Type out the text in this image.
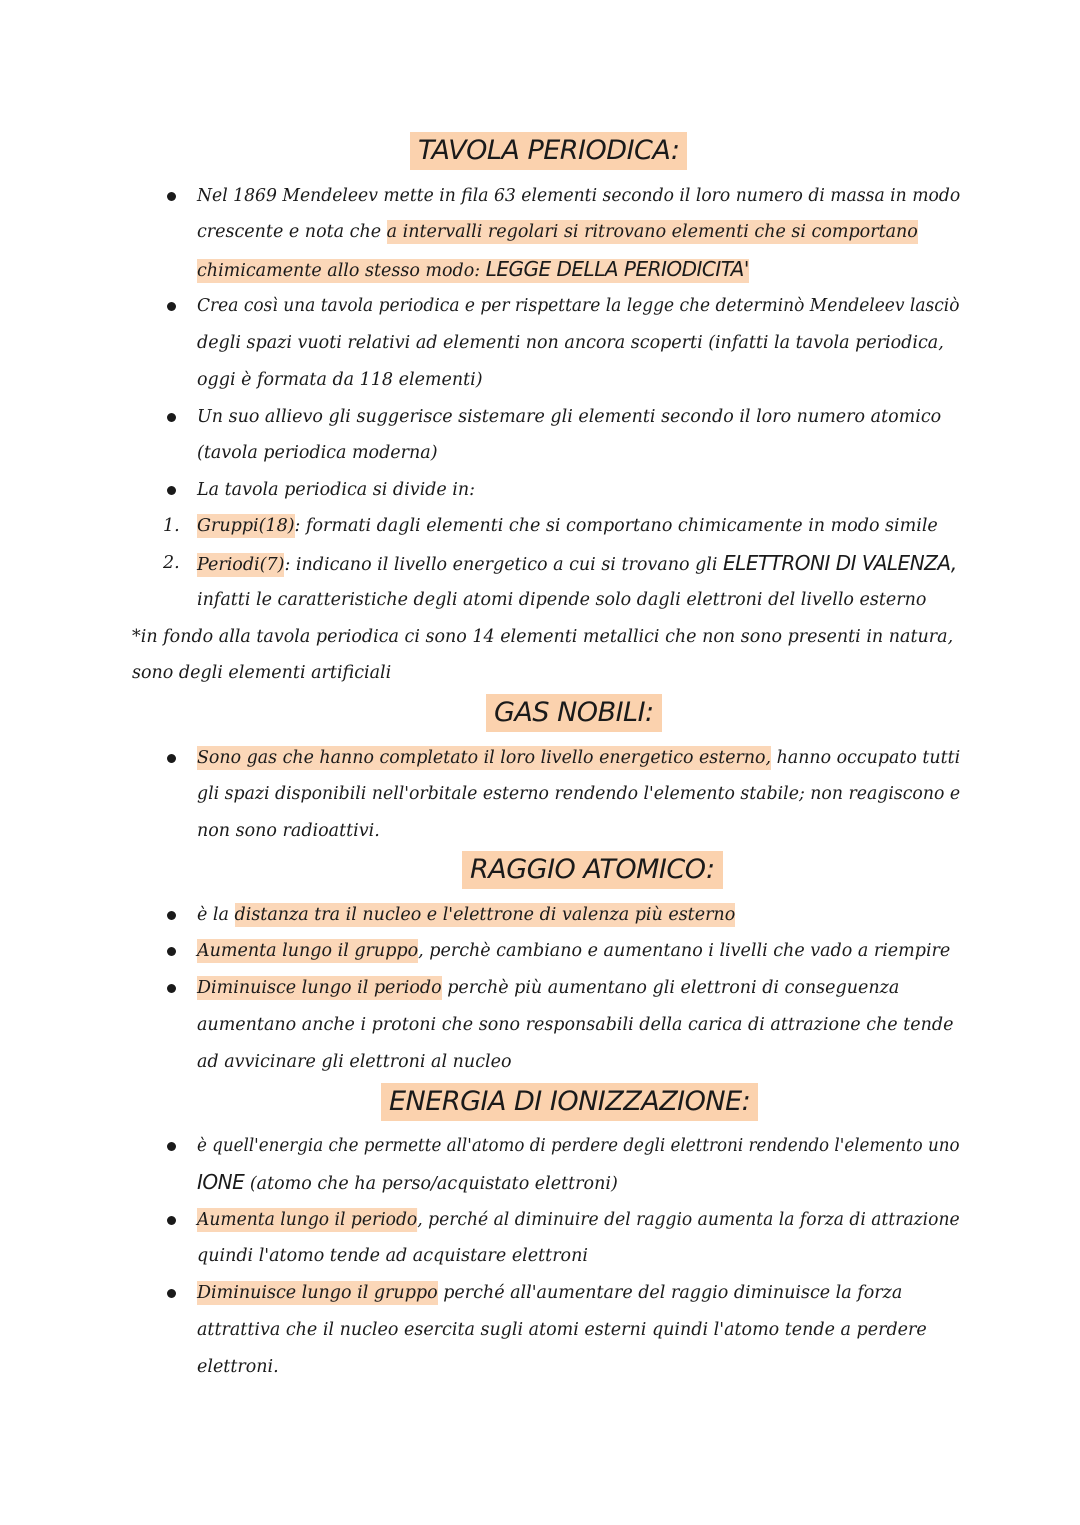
TAVOLA PERIODICA:
Nel 1869 Mendeleev mette in fila 63 elementi secondo il loro numero di massa in modo
crescente e nota che a intervalli regolari si ritrovano elementi che si comportano
chimicamente allo stesso modo: LEGGE DELLA PERIODICITA'
Crea così una tavola periodica e per rispettare la legge che determinò Mendeleev lasciò
degli spazi vuoti relativi ad elementi non ancora scoperti (infatti la tavola periodica,
oggi è formata da 118 elementi)
Un suo allievo gli suggerisce sistemare gli elementi secondo il loro numero atomico
(tavola periodica moderna)
La tavola periodica si divide in:
1. Gruppi(18): formati dagli elementi che si comportano chimicamente in modo simile
2. Periodi(7): indicano il livello energetico a cui si trovano gli ELETTRONI DI VALENZA,
infatti le caratteristiche degli atomi dipende solo dagli elettroni del livello esterno
*in fondo alla tavola periodica ci sono 14 elementi metallici che non sono presenti in natura,
sono degli elementi artificiali
GAS NOBILI:
Sono gas che hanno completato il loro livello energetico esterno, hanno occupato tutti
gli spazi disponibili nell'orbitale esterno rendendo l'elemento stabile; non reagiscono e
non sono radioattivi.
RAGGIO ATOMICO:
è la distanza tra il nucleo e l'elettrone di valenza più esterno
Aumenta lungo il gruppo, perchè cambiano e aumentano i livelli che vado a riempire
Diminuisce lungo il periodo perchè più aumentano gli elettroni di conseguenza
aumentano anche i protoni che sono responsabili della carica di attrazione che tende
ad avvicinare gli elettroni al nucleo
ENERGIA DI IONIZZAZIONE:
è quell'energia che permette all'atomo di perdere degli elettroni rendendo l'elemento uno
IONE (atomo che ha perso/acquistato elettroni)
Aumenta lungo il periodo, perché al diminuire del raggio aumenta la forza di attrazione
quindi l'atomo tende ad acquistare elettroni
Diminuisce lungo il gruppo perché all'aumentare del raggio diminuisce la forza
attrattiva che il nucleo esercita sugli atomi esterni quindi l'atomo tende a perdere
elettroni.
